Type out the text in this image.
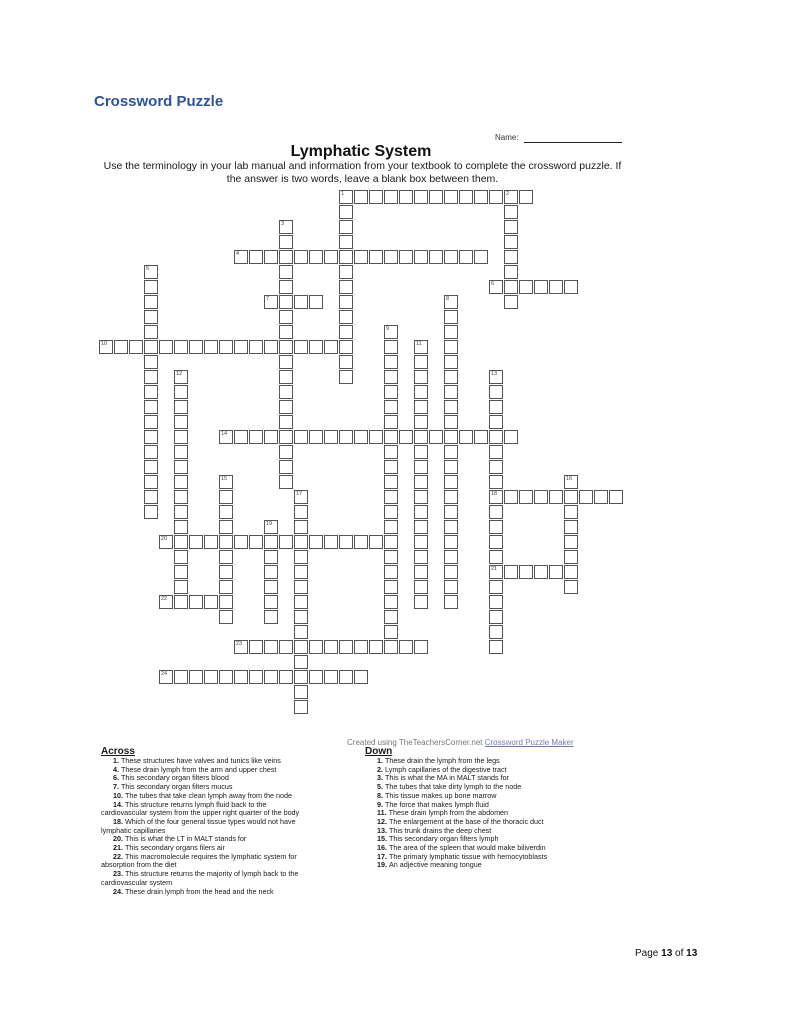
Crossword Puzzle
Name:
Lymphatic System
Use the terminology in your lab manual and information from your textbook to complete the crossword puzzle. If the answer is two words, leave a blank box between them.
1	2
3
4
5
6
7	8
9
10	11
12	13
18
21
14
15	16
17
19
20
22
23
24
Created using TheTeachersCorner.net Crossword Puzzle Maker
Across
1. These structures have valves and tunics like veins
4. These drain lymph from the arm and upper chest
6. This secondary organ filters blood
7. This secondary organ filters mucus
10. The tubes that take clean lymph away from the node
14. This structure returns lymph fluid back to the
cardiovascular system from the upper right quarter of the body
18. Which of the four general tissue types would not have
lymphatic capillaries
20. This is what the LT in MALT stands for
21. This secondary organs filers air
22. This macromolecule requires the lymphatic system for
absorption from the diet
23. This structure returns the majority of lymph back to the
cardiovascular system
24. These drain lymph from the head and the neck
Down
1. These drain the lymph from the legs
2. Lymph capillaries of the digestive tract
3. This is what the MA in MALT stands for
5. The tubes that take dirty lymph to the node
8. This tissue makes up bone marrow
9. The force that makes lymph fluid
11. These drain lymph from the abdomen
12. The enlargement at the base of the thoracic duct
13. This trunk drains the deep chest
15. This secondary organ filters lymph
16. The area of the spleen that would make biliverdin
17. The primary lymphatic tissue with hemocytoblasts
19. An adjective meaning tongue
Page 13 of 13
